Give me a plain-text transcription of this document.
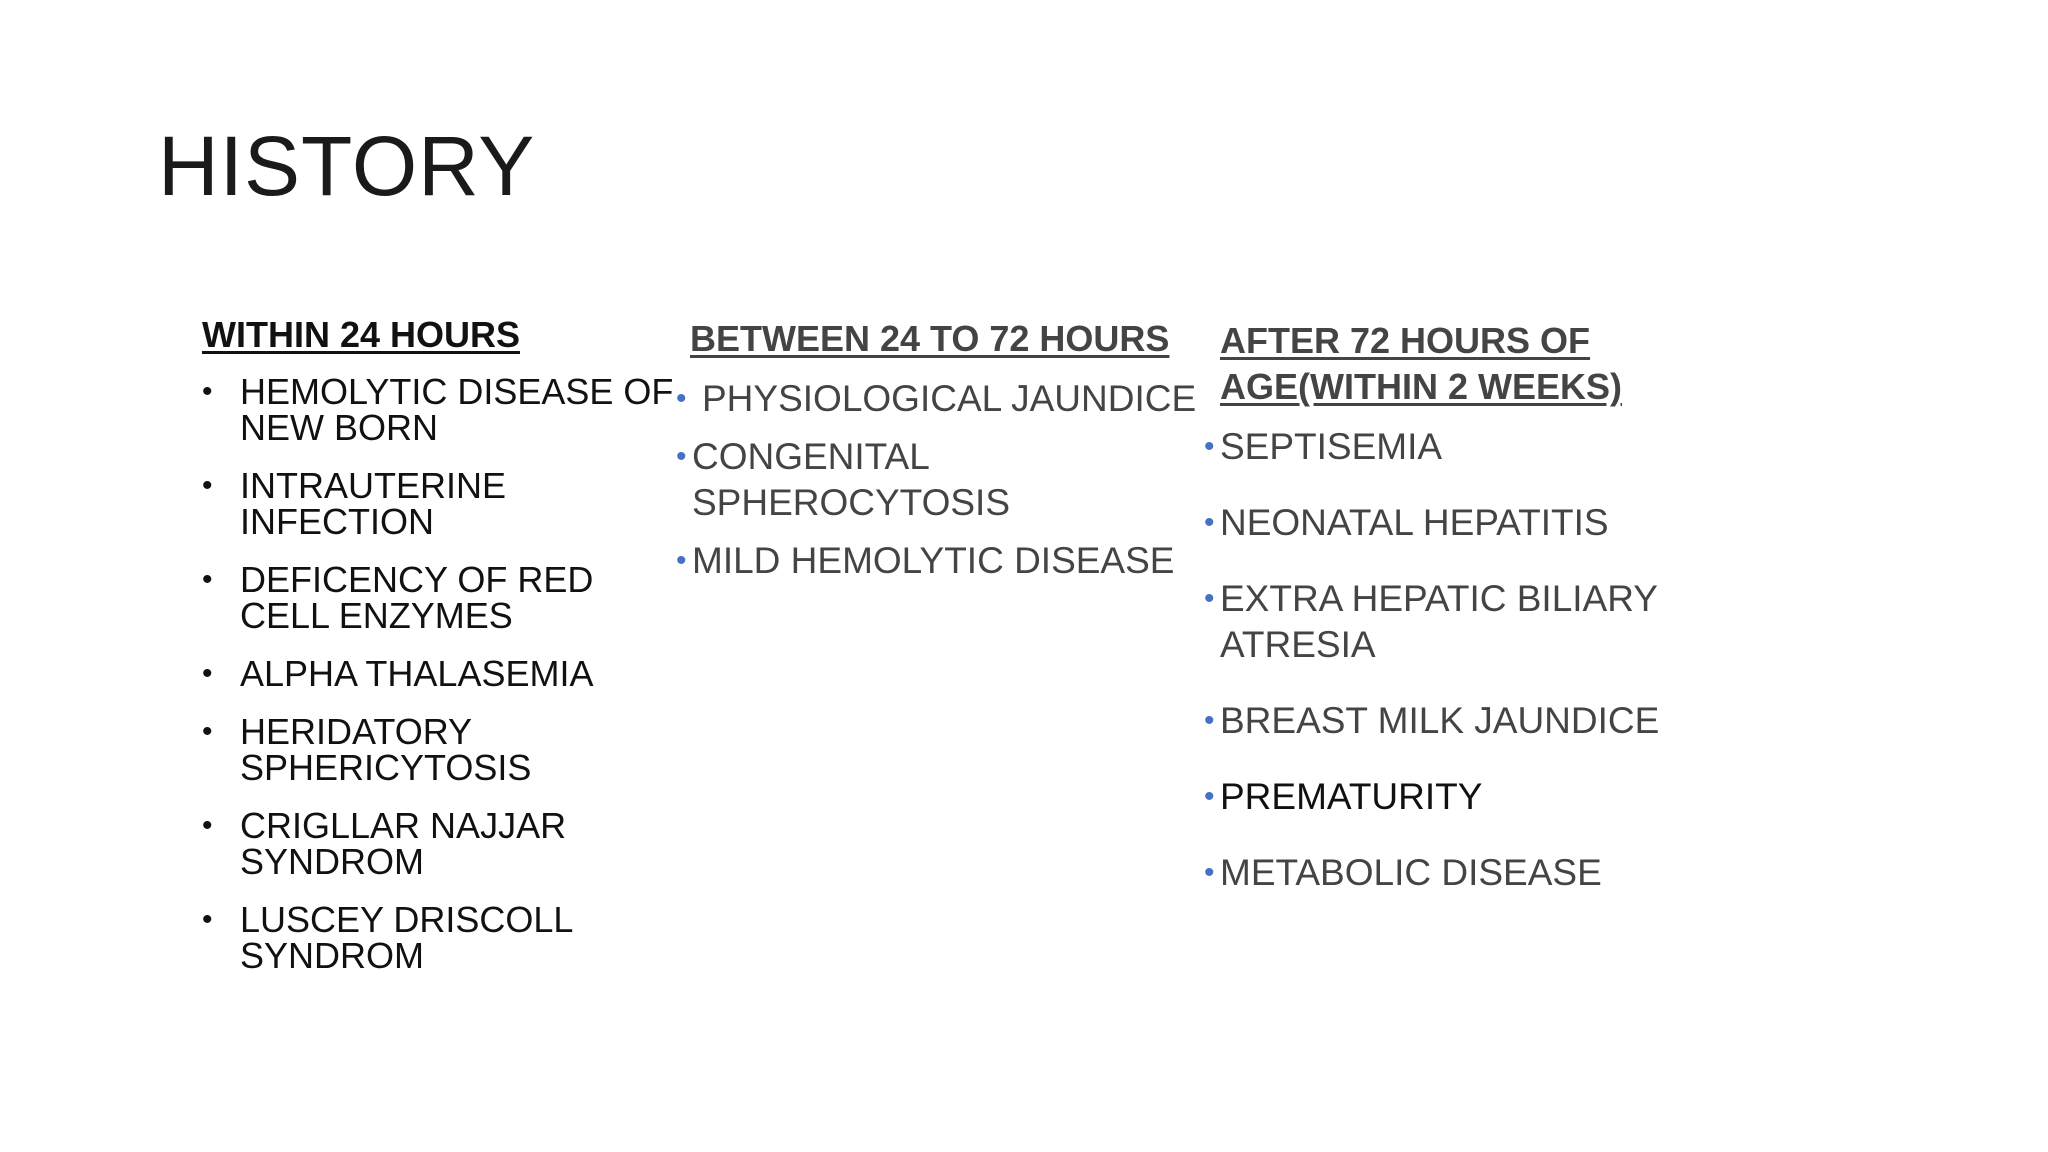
HISTORY

WITHIN 24 HOURS

• HEMOLYTIC DISEASE OF NEW BORN
• INTRAUTERINE INFECTION
• DEFICENCY OF RED CELL ENZYMES
• ALPHA THALASEMIA
• HERIDATORY SPHERICYTOSIS
• CRIGLLAR NAJJAR SYNDROM
• LUSCEY DRISCOLL SYNDROM

BETWEEN 24 TO 72 HOURS

• PHYSIOLOGICAL JAUNDICE
• CONGENITAL SPHEROCYTOSIS
• MILD HEMOLYTIC DISEASE

AFTER 72 HOURS OF AGE(WITHIN 2 WEEKS)

• SEPTISEMIA
• NEONATAL HEPATITIS
• EXTRA HEPATIC BILIARY ATRESIA
• BREAST MILK JAUNDICE
• PREMATURITY
• METABOLIC DISEASE
